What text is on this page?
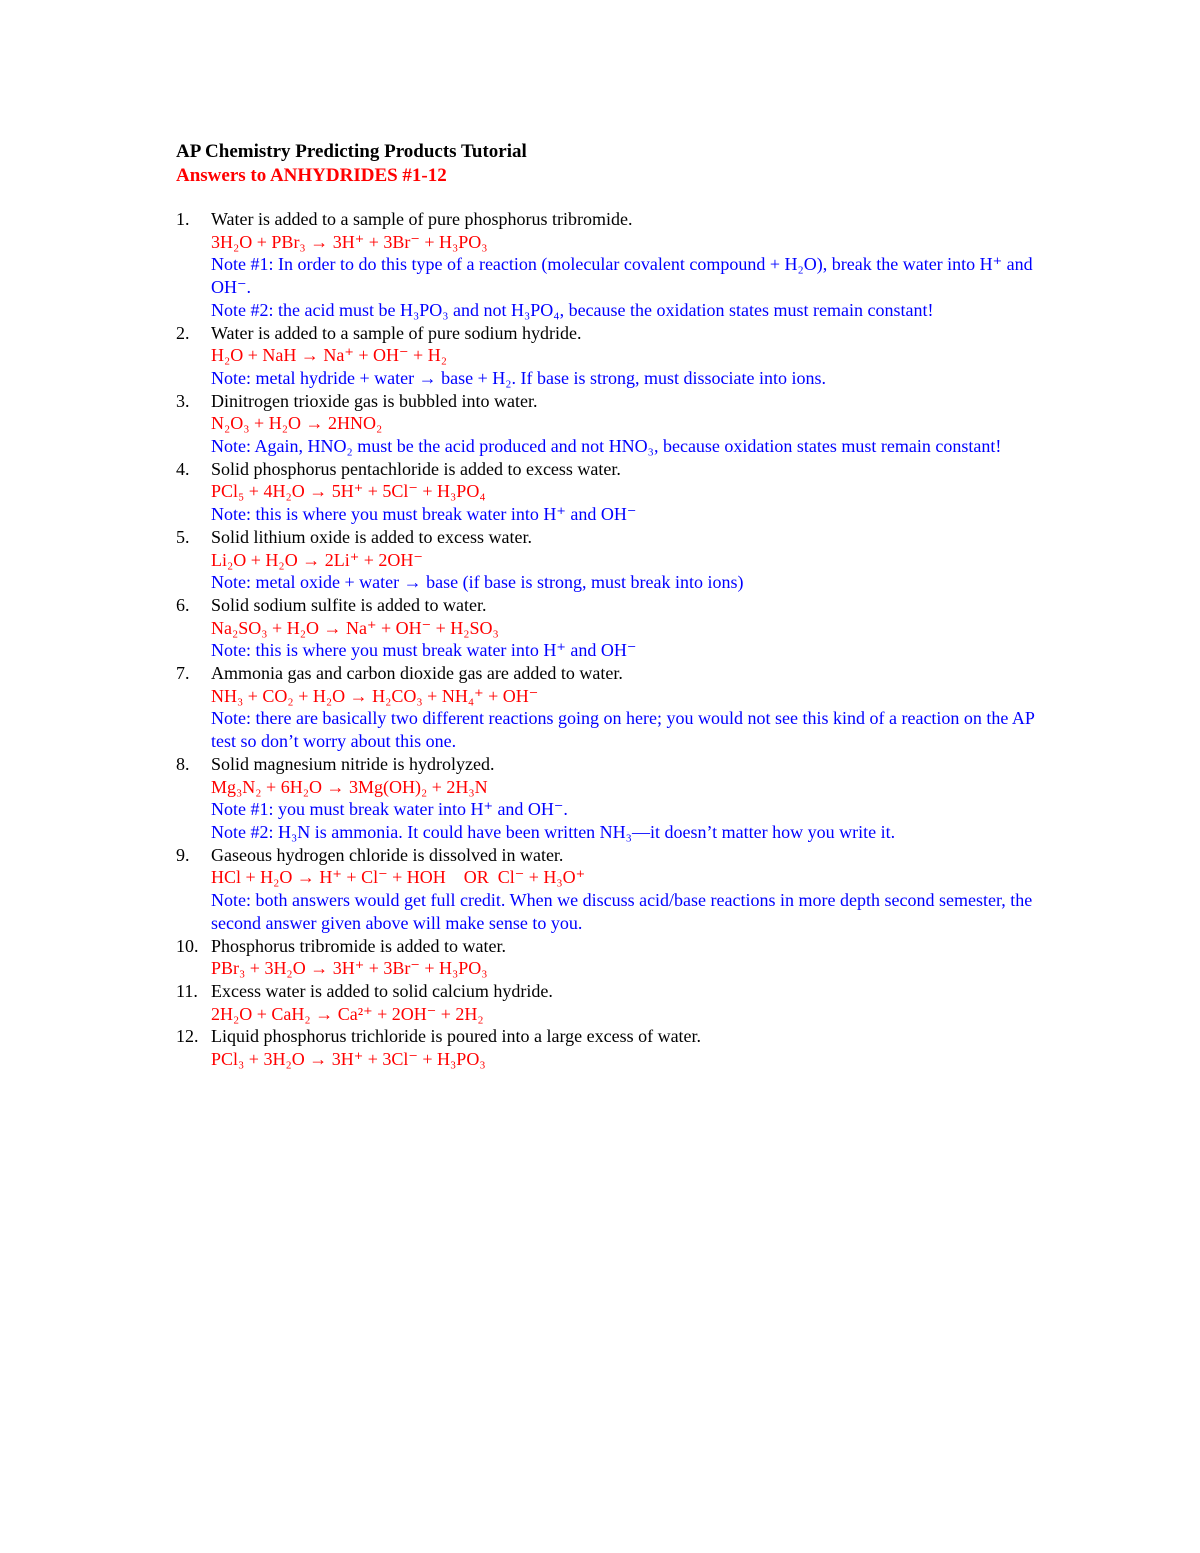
AP Chemistry Predicting Products Tutorial
Answers to ANHYDRIDES #1-12
1.	Water is added to a sample of pure phosphorus tribromide.
3H₂O + PBr₃ → 3H⁺ + 3Br⁻ + H₃PO₃
Note #1: In order to do this type of a reaction (molecular covalent compound + H₂O), break the water into H⁺ and OH⁻.
Note #2: the acid must be H₃PO₃ and not H₃PO₄, because the oxidation states must remain constant!
2.	Water is added to a sample of pure sodium hydride.
H₂O + NaH → Na⁺ + OH⁻ + H₂
Note: metal hydride + water → base + H₂. If base is strong, must dissociate into ions.
3.	Dinitrogen trioxide gas is bubbled into water.
N₂O₃ + H₂O → 2HNO₂
Note: Again, HNO₂ must be the acid produced and not HNO₃, because oxidation states must remain constant!
4.	Solid phosphorus pentachloride is added to excess water.
PCl₅ + 4H₂O → 5H⁺ + 5Cl⁻ + H₃PO₄
Note: this is where you must break water into H⁺ and OH⁻
5.	Solid lithium oxide is added to excess water.
Li₂O + H₂O → 2Li⁺ + 2OH⁻
Note: metal oxide + water → base (if base is strong, must break into ions)
6.	Solid sodium sulfite is added to water.
Na₂SO₃ + H₂O → Na⁺ + OH⁻ + H₂SO₃
Note: this is where you must break water into H⁺ and OH⁻
7.	Ammonia gas and carbon dioxide gas are added to water.
NH₃ + CO₂ + H₂O → H₂CO₃ + NH₄⁺ + OH⁻
Note: there are basically two different reactions going on here; you would not see this kind of a reaction on the AP test so don’t worry about this one.
8.	Solid magnesium nitride is hydrolyzed.
Mg₃N₂ + 6H₂O → 3Mg(OH)₂ + 2H₃N
Note #1: you must break water into H⁺ and OH⁻.
Note #2: H₃N is ammonia. It could have been written NH₃—it doesn’t matter how you write it.
9.	Gaseous hydrogen chloride is dissolved in water.
HCl + H₂O → H⁺ + Cl⁻ + HOH    OR  Cl⁻ + H₃O⁺
Note: both answers would get full credit. When we discuss acid/base reactions in more depth second semester, the second answer given above will make sense to you.
10. Phosphorus tribromide is added to water.
PBr₃ + 3H₂O → 3H⁺ + 3Br⁻ + H₃PO₃
11. Excess water is added to solid calcium hydride.
2H₂O + CaH₂ → Ca²⁺ + 2OH⁻ + 2H₂
12. Liquid phosphorus trichloride is poured into a large excess of water.
PCl₃ + 3H₂O → 3H⁺ + 3Cl⁻ + H₃PO₃
